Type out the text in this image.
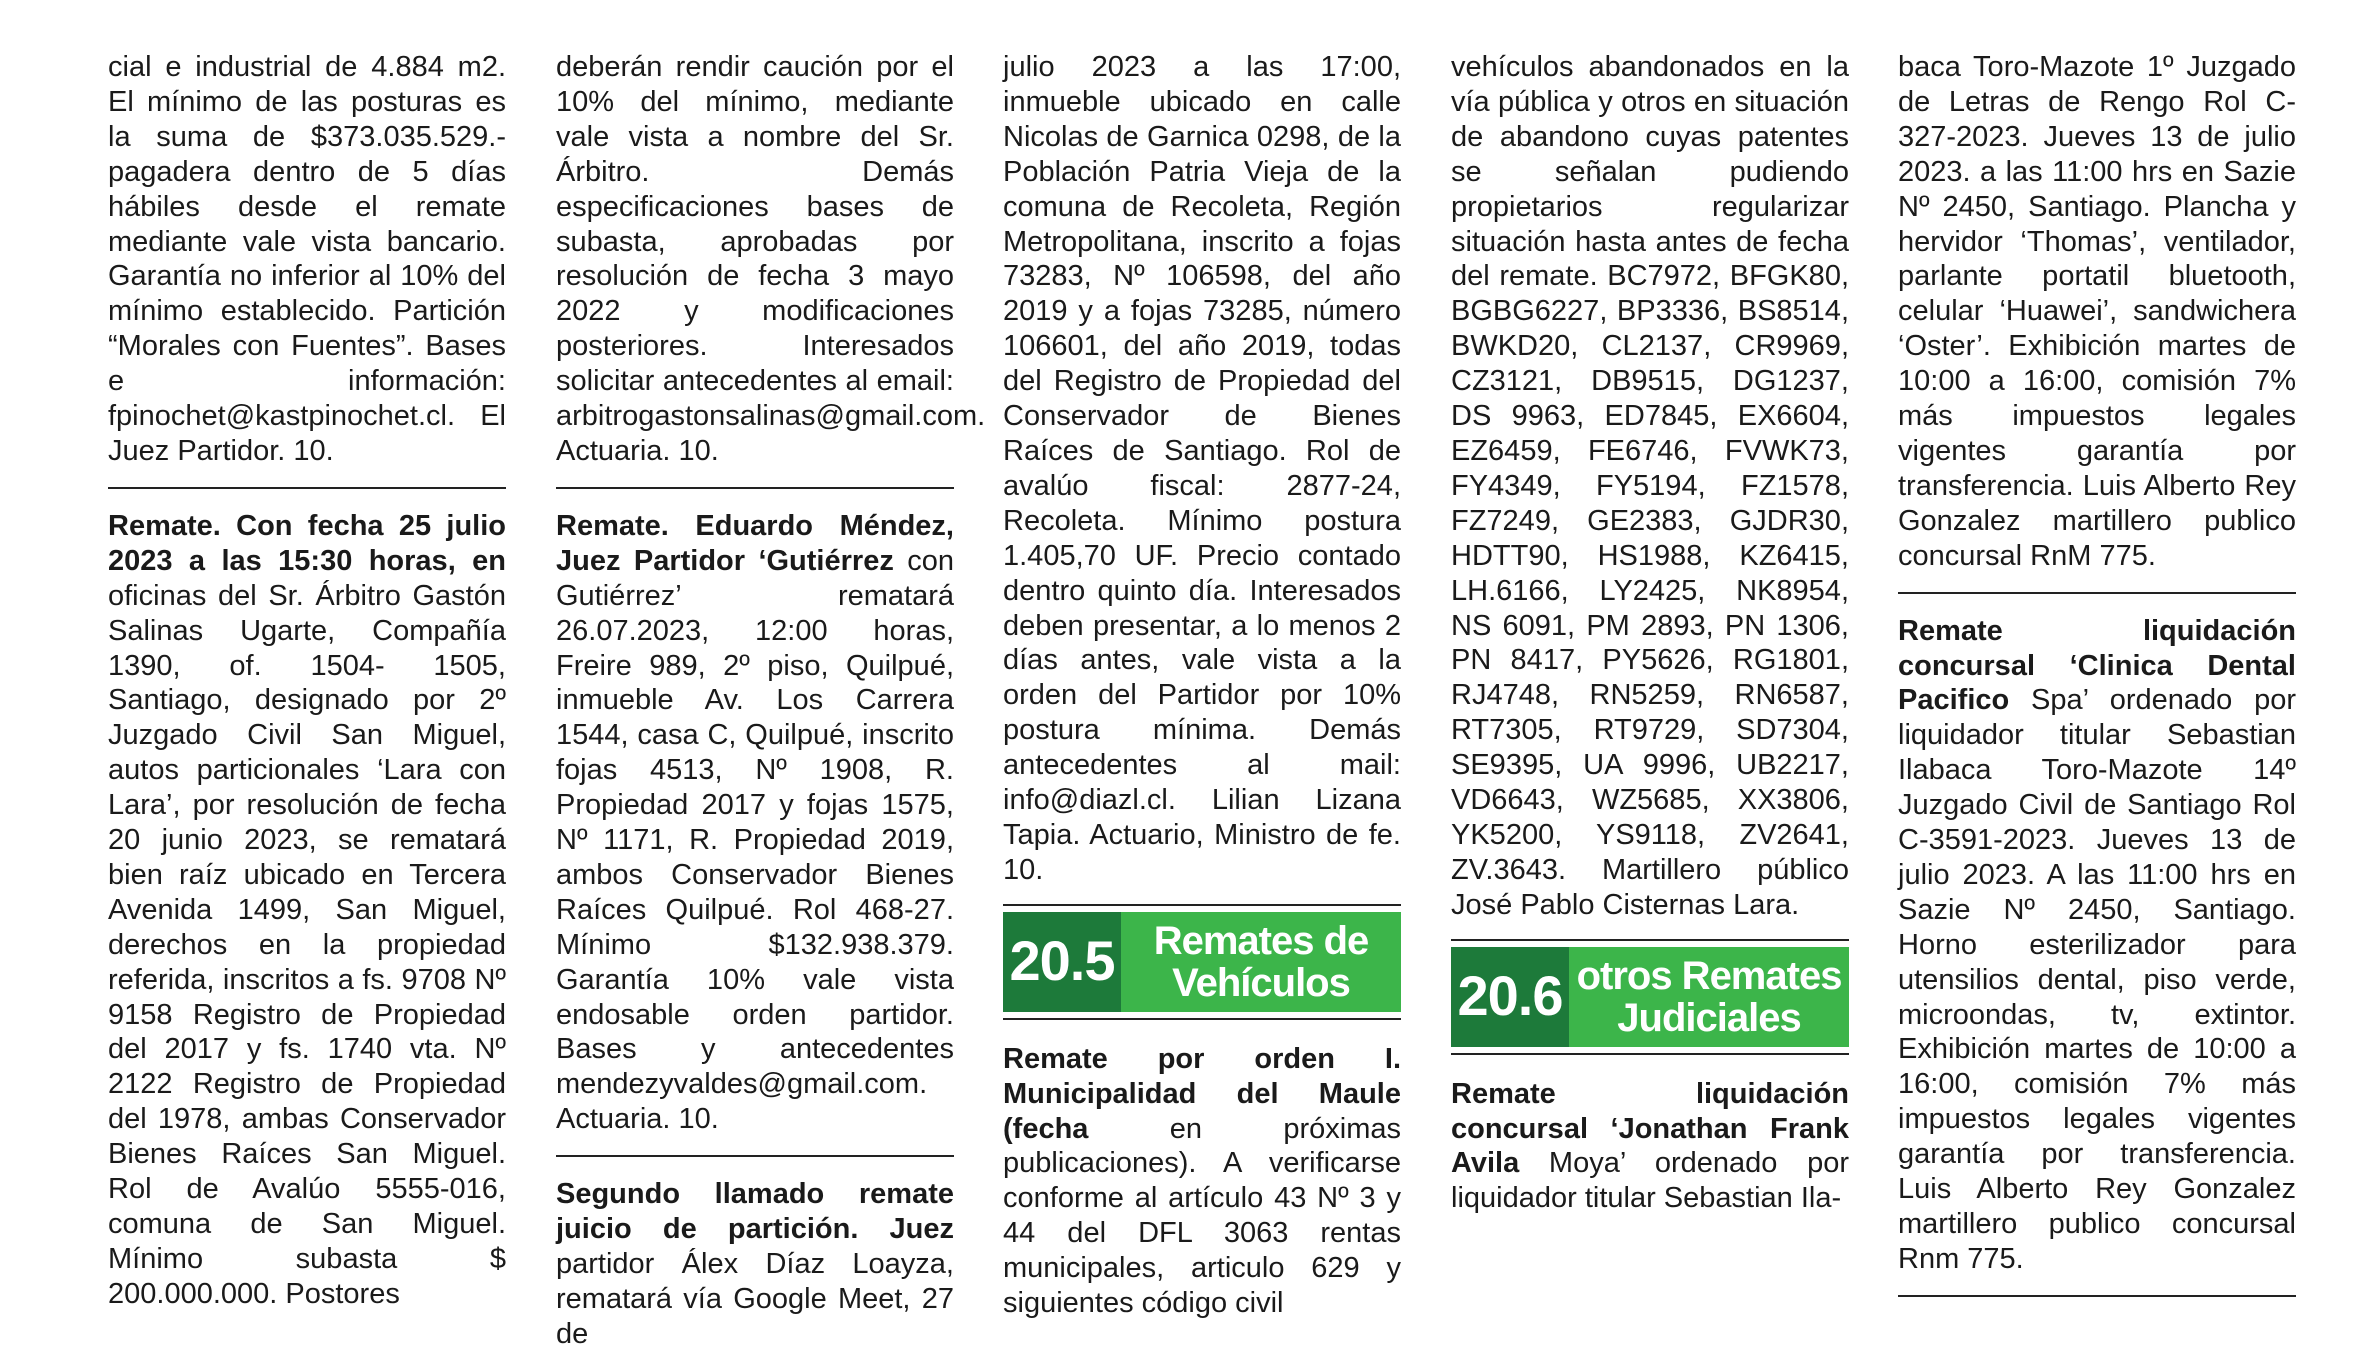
cial e industrial de 4.884 m2. El mínimo de las posturas es la suma de $373.035.529.- pagadera dentro de 5 días hábiles desde el remate mediante vale vista bancario. Garantía no inferior al 10% del mínimo establecido. Partición “Morales con Fuentes”. Bases e información: fpinochet@kastpinochet.cl. El Juez Partidor. 10.

Remate. Con fecha 25 julio 2023 a las 15:30 horas, en oficinas del Sr. Árbitro Gastón Salinas Ugarte, Compañía 1390, of. 1504- 1505, Santiago, designado por 2º Juzgado Civil San Miguel, autos particionales ‘Lara con Lara’, por resolución de fecha 20 junio 2023, se rematará bien raíz ubicado en Tercera Avenida 1499, San Miguel, derechos en la propiedad referida, inscritos a fs. 9708 Nº 9158 Registro de Propiedad del 2017 y fs. 1740 vta. Nº 2122 Registro de Propiedad del 1978, ambas Conservador Bienes Raíces San Miguel. Rol de Avalúo 5555-016, comuna de San Miguel. Mínimo subasta $ 200.000.000. Postores

deberán rendir caución por el 10% del mínimo, mediante vale vista a nombre del Sr. Árbitro. Demás especificaciones bases de subasta, aprobadas por resolución de fecha 3 mayo 2022 y modificaciones posteriores. Interesados solicitar antecedentes al email: arbitrogastonsalinas@gmail.com. Actuaria. 10.

Remate. Eduardo Méndez, Juez Partidor ‘Gutiérrez con Gutiérrez’ rematará 26.07.2023, 12:00 horas, Freire 989, 2º piso, Quilpué, inmueble Av. Los Carrera 1544, casa C, Quilpué, inscrito fojas 4513, Nº 1908, R. Propiedad 2017 y fojas 1575, Nº 1171, R. Propiedad 2019, ambos Conservador Bienes Raíces Quilpué. Rol 468-27. Mínimo $132.938.379. Garantía 10% vale vista endosable orden partidor. Bases y antecedentes mendezyvaldes@gmail.com. Actuaria. 10.

Segundo llamado remate juicio de partición. Juez partidor Álex Díaz Loayza, rematará vía Google Meet, 27 de

julio 2023 a las 17:00, inmueble ubicado en calle Nicolas de Garnica 0298, de la Población Patria Vieja de la comuna de Recoleta, Región Metropolitana, inscrito a fojas 73283, Nº 106598, del año 2019 y a fojas 73285, número 106601, del año 2019, todas del Registro de Propiedad del Conservador de Bienes Raíces de Santiago. Rol de avalúo fiscal: 2877-24, Recoleta. Mínimo postura 1.405,70 UF. Precio contado dentro quinto día. Interesados deben presentar, a lo menos 2 días antes, vale vista a la orden del Partidor por 10% postura mínima. Demás antecedentes al mail: info@diazl.cl. Lilian Lizana Tapia. Actuario, Ministro de fe. 10.

20.5 Remates de
Vehículos

Remate por orden I. Municipalidad del Maule (fecha en próximas publicaciones). A verificarse conforme al artículo 43 Nº 3 y 44 del DFL 3063 rentas municipales, articulo 629 y siguientes código civil

vehículos abandonados en la vía pública y otros en situación de abandono cuyas patentes se señalan pudiendo propietarios regularizar situación hasta antes de fecha del remate. BC7972, BFGK80, BGBG6227, BP3336, BS8514, BWKD20, CL2137, CR9969, CZ3121, DB9515, DG1237, DS 9963, ED7845, EX6604, EZ6459, FE6746, FVWK73, FY4349, FY5194, FZ1578, FZ7249, GE2383, GJDR30, HDTT90, HS1988, KZ6415, LH.6166, LY2425, NK8954, NS 6091, PM 2893, PN 1306, PN 8417, PY5626, RG1801, RJ4748, RN5259, RN6587, RT7305, RT9729, SD7304, SE9395, UA 9996, UB2217, VD6643, WZ5685, XX3806, YK5200, YS9118, ZV2641, ZV.3643. Martillero público José Pablo Cisternas Lara.

20.6 otros Remates
Judiciales

Remate liquidación concursal ‘Jonathan Frank Avila Moya’ ordenado por liquidador titular Sebastian Ila-

baca Toro-Mazote 1º Juzgado de Letras de Rengo Rol C-327-2023. Jueves 13 de julio 2023. a las 11:00 hrs en Sazie Nº 2450, Santiago. Plancha y hervidor ‘Thomas’, ventilador, parlante portatil bluetooth, celular ‘Huawei’, sandwichera ‘Oster’. Exhibición martes de 10:00 a 16:00, comisión 7% más impuestos legales vigentes garantía por transferencia. Luis Alberto Rey Gonzalez martillero publico concursal RnM 775.

Remate liquidación concursal ‘Clinica Dental Pacifico Spa’ ordenado por liquidador titular Sebastian Ilabaca Toro-Mazote 14º Juzgado Civil de Santiago Rol C-3591-2023. Jueves 13 de julio 2023. A las 11:00 hrs en Sazie Nº 2450, Santiago. Horno esterilizador para utensilios dental, piso verde, microondas, tv, extintor. Exhibición martes de 10:00 a 16:00, comisión 7% más impuestos legales vigentes garantía por transferencia. Luis Alberto Rey Gonzalez martillero publico concursal Rnm 775.
